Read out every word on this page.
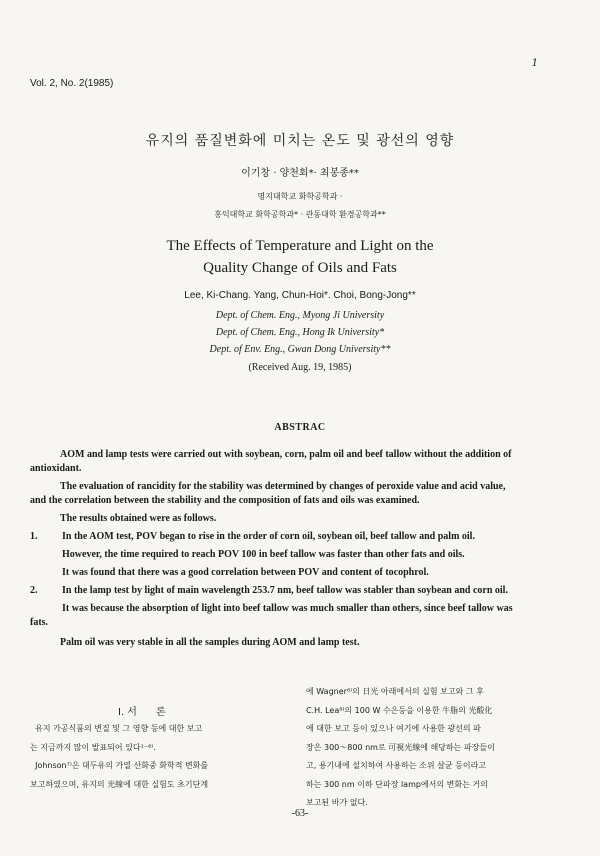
1
Vol. 2, No. 2(1985)
유지의 품질변화에 미치는 온도 및 광선의 영향
이기창 · 양천회*· 최봉종**
명지대학교 화학공학과 ·
홍익대학교 화학공학과* · 관동대학 환경공학과**
The Effects of Temperature and Light on the
Quality Change of Oils and Fats
Lee, Ki-Chang. Yang, Chun-Hoi*. Choi, Bong-Jong**
Dept. of Chem. Eng., Myong Ji University
Dept. of Chem. Eng., Hong Ik University*
Dept. of Env. Eng., Gwan Dong University**
(Received Aug. 19, 1985)
ABSTRAC
AOM and lamp tests were carried out with soybean, corn, palm oil and beef tallow without the addition of
antioxidant.
The evaluation of rancidity for the stability was determined by changes of peroxide value and acid value,
and the correlation between the stability and the composition of fats and oils was examined.
The results obtained were as follows.
1.	In the AOM test, POV began to rise in the order of corn oil, soybean oil, beef tallow and palm oil.
However, the time required to reach POV 100 in beef tallow was faster than other fats and oils.
It was found that there was a good correlation between POV and content of tocophrol.
2.	In the lamp test by light of main wavelength 253.7 nm, beef tallow was stabler than soybean and corn oil.
It was because the absorption of light into beef tallow was much smaller than others, since beef tallow was
fats.
Palm oil was very stable in all the samples during AOM and lamp test.
I. 서      론

유지 가공식품의 변질 및 그 영향 등에 대한 보고

는 지금까지 많이 발표되어 있다¹⁻⁶⁾.

Johnson⁷⁾은 대두유의 가열 산화중 화학적 변화를

보고하였으며, 유지의 光線에 대한 실험도 초기단계

에 Wagner⁸⁾의 日光 아래에서의 실험 보고와 그 후

C.H. Lea⁹⁾의 100 W 수은등을 이용한 牛脂의 光酸化

에 대한 보고 등이 있으나 여기에 사용한 광선의 파

장은 300～800 nm로 可視光線에 해당하는 파장들이

고, 용기내에 설치하여 사용하는 소위 살균 등이라고

하는 300 nm 이하 단파장 lamp에서의 변화는 거의

보고된 바가 없다.

-63-
